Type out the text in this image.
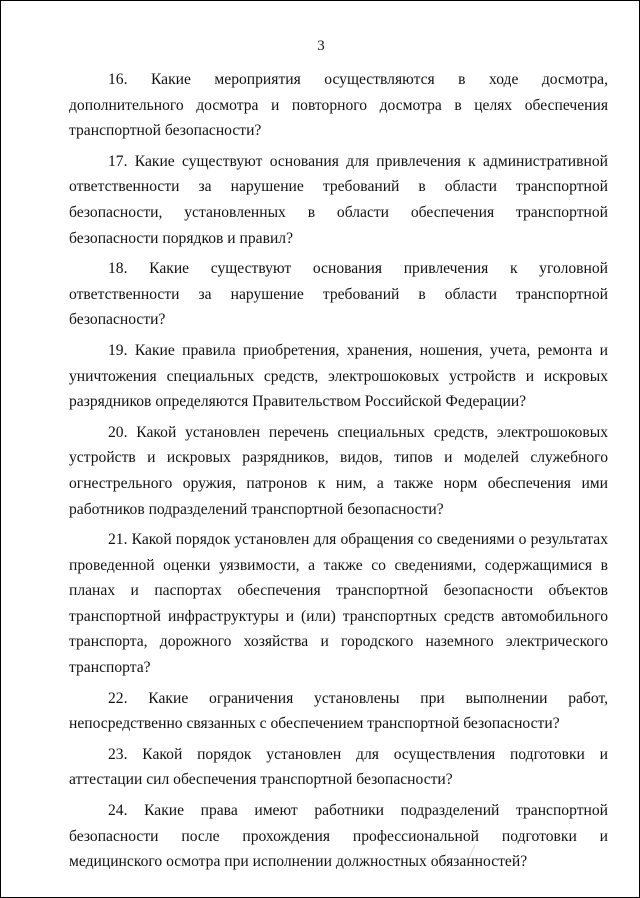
3

16. Какие мероприятия осуществляются в ходе досмотра, дополнительного досмотра и повторного досмотра в целях обеспечения транспортной безопасности?

17. Какие существуют основания для привлечения к административной ответственности за нарушение требований в области транспортной безопасности, установленных в области обеспечения транспортной безопасности порядков и правил?

18. Какие существуют основания привлечения к уголовной ответственности за нарушение требований в области транспортной безопасности?

19. Какие правила приобретения, хранения, ношения, учета, ремонта и уничтожения специальных средств, электрошоковых устройств и искровых разрядников определяются Правительством Российской Федерации?

20. Какой установлен перечень специальных средств, электрошоковых устройств и искровых разрядников, видов, типов и моделей служебного огнестрельного оружия, патронов к ним, а также норм обеспечения ими работников подразделений транспортной безопасности?

21. Какой порядок установлен для обращения со сведениями о результатах проведенной оценки уязвимости, а также со сведениями, содержащимися в планах и паспортах обеспечения транспортной безопасности объектов транспортной инфраструктуры и (или) транспортных средств автомобильного транспорта, дорожного хозяйства и городского наземного электрического транспорта?

22. Какие ограничения установлены при выполнении работ, непосредственно связанных с обеспечением транспортной безопасности?

23. Какой порядок установлен для осуществления подготовки и аттестации сил обеспечения транспортной безопасности?

24. Какие права имеют работники подразделений транспортной безопасности после прохождения профессиональной подготовки и медицинского осмотра при исполнении должностных обязанностей?
